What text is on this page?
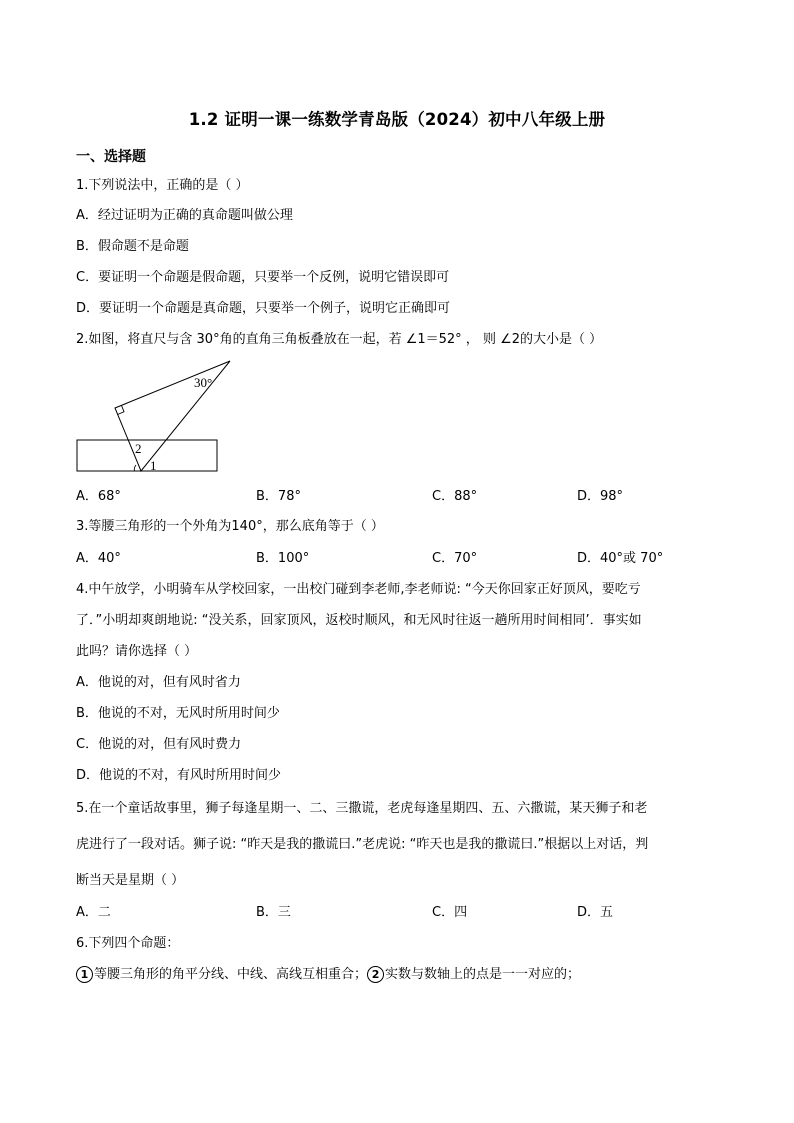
1.2 证明一课一练数学青岛版（2024）初中八年级上册
一、选择题
1.下列说法中，正确的是（ ）
A．经过证明为正确的真命题叫做公理
B．假命题不是命题
C．要证明一个命题是假命题，只要举一个反例，说明它错误即可
D．要证明一个命题是真命题，只要举一个例子，说明它正确即可
2.如图，将直尺与含 30°角的直角三角板叠放在一起，若 ∠1＝52° ， 则 ∠2的大小是（ ）
30°
2
1
A．68°	B．78°	C．88°	D．98°
3.等腰三角形的一个外角为140°，那么底角等于（ ）
A．40°	B．100°	C．70°	D．40°或 70°
4.中午放学，小明骑车从学校回家，一出校门碰到李老师,李老师说: “今天你回家正好顶风，要吃亏
了．”小明却爽朗地说: “没关系，回家顶风，返校时顺风，和无风时往返一趟所用时间相同’．事实如
此吗？请你选择（ ）
A．他说的对，但有风时省力
B．他说的不对，无风时所用时间少
C．他说的对，但有风时费力
D．他说的不对，有风时所用时间少
5.在一个童话故事里，狮子每逢星期一、二、三撒谎，老虎每逢星期四、五、六撒谎，某天狮子和老
虎进行了一段对话。狮子说: “昨天是我的撒谎曰.”老虎说: “昨天也是我的撒谎曰.”根据以上对话，判
断当天是星期（ ）
A．二	B．三	C．四	D．五
6.下列四个命题：
1 等腰三角形的角平分线、中线、高线互相重合； 2 实数与数轴上的点是一一对应的；
